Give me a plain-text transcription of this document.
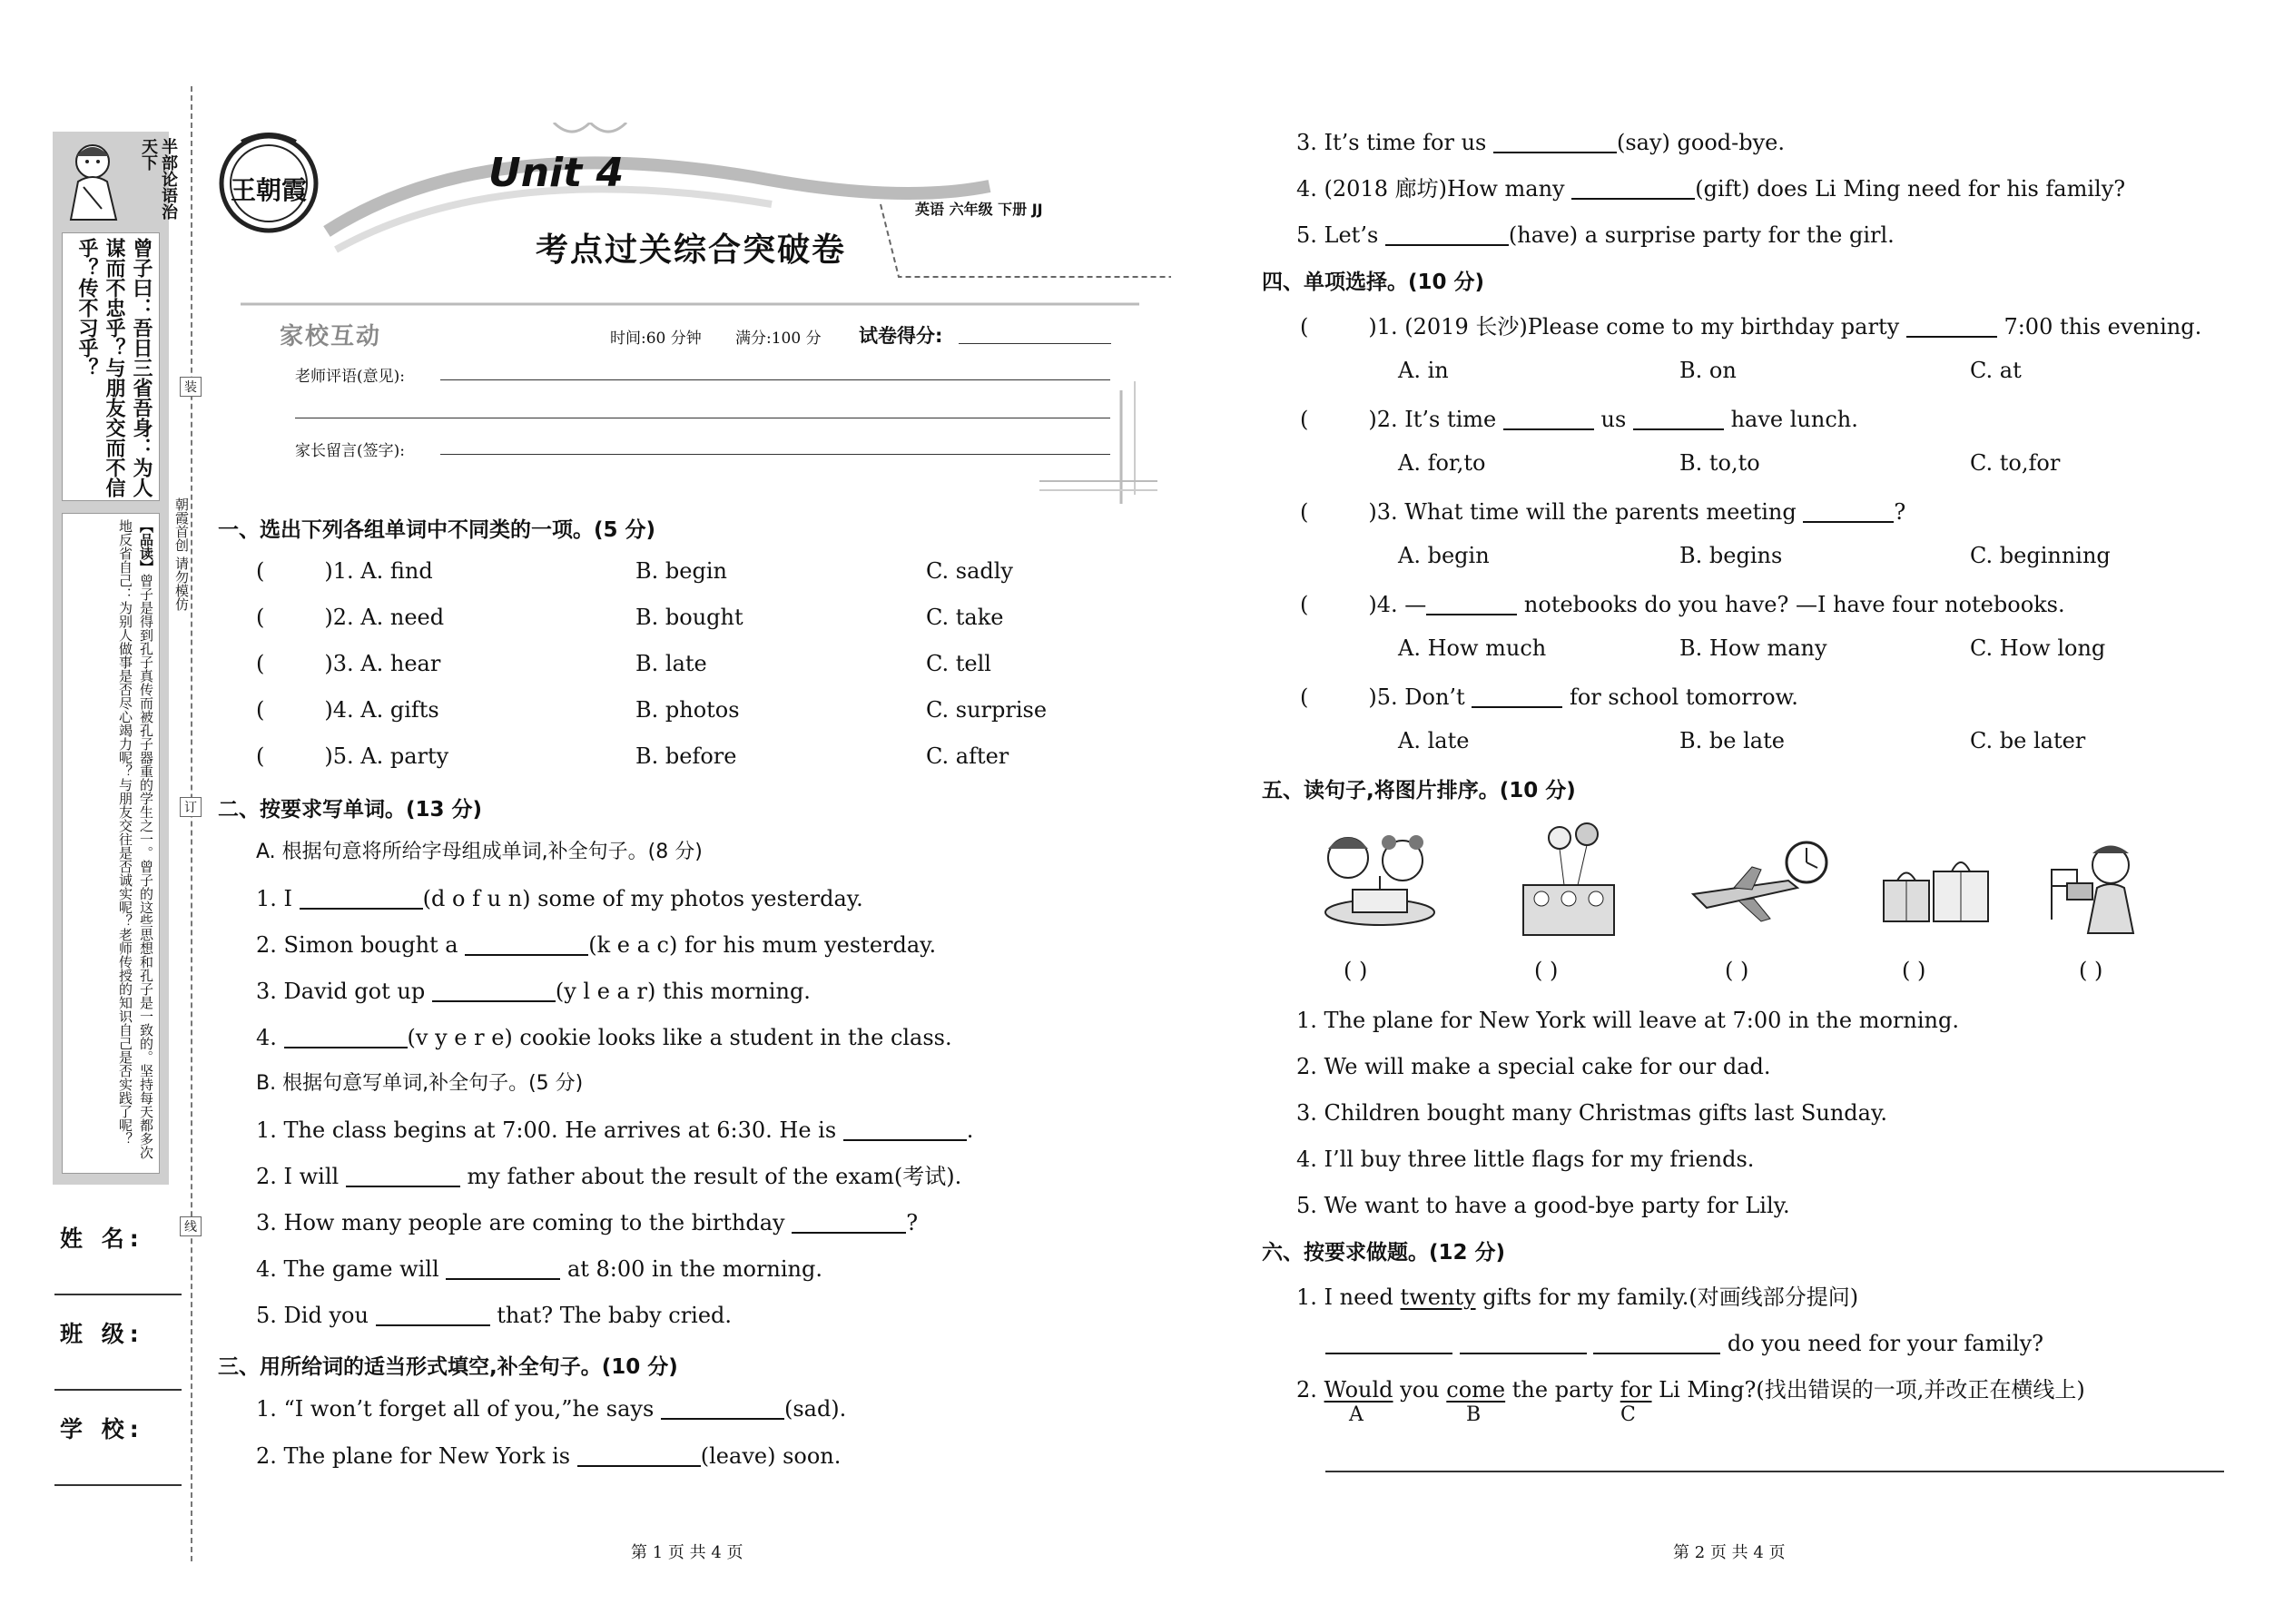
半部论语治天下
曾子曰：吾日三省吾身：为人谋而不忠乎？与朋友交而不信乎？传不习乎？
【品读】曾子是得到孔子真传而被孔子器重的学生之一。曾子的这些思想和孔子是一致的。坚持每天都多次地反省自己：为别人做事是否尽心竭力呢？与朋友交往是否诚实呢？老师传授的知识自己是否实践了呢？	朝霞首创 请勿模仿
装
订
线
姓 名:
班 级:
学 校:
王朝霞	Unit 4
考点过关综合突破卷
英语 六年级 下册 JJ
家校互动	时间:60 分钟 满分:100 分 试卷得分:
老师评语(意见):
家长留言(签字):
一、选出下列各组单词中不同类的一项。(5 分)
(	)1. A. find	B. begin	C. sadly
(	)2. A. need	B. bought	C. take
(	)3. A. hear	B. late	C. tell
(	)4. A. gifts	B. photos	C. surprise
(	)5. A. party	B. before	C. after
二、按要求写单词。(13 分)
A. 根据句意将所给字母组成单词,补全句子。(8 分)
1. I	(d o f u n) some of my photos yesterday.
2. Simon bought a	(k e a c) for his mum yesterday.
3. David got up	(y l e a r) this morning.
4.	(v y e r e) cookie looks like a student in the class.
B. 根据句意写单词,补全句子。(5 分)
1. The class begins at 7:00. He arrives at 6:30. He is	.
2. I will	my father about the result of the exam(考试).
3. How many people are coming to the birthday	?
4. The game will	at 8:00 in the morning.
5. Did you	that? The baby cried.
三、用所给词的适当形式填空,补全句子。(10 分)
1. “I won’t forget all of you,”he says	(sad).
2. The plane for New York is	(leave) soon.
第 1 页 共 4 页
3. It’s time for us	(say) good-bye.
4. (2018 廊坊)How many	(gift) does Li Ming need for his family?
5. Let’s	(have) a surprise party for the girl.
四、单项选择。(10 分)
(	)1. (2019 长沙)Please come to my birthday party	7:00 this evening.
A. in	B. on	C. at
(	)2. It’s time	us	have lunch.
A. for,to	B. to,to	C. to,for
(	)3. What time will the parents meeting	?
A. begin	B. begins	C. beginning
(	)4. —	notebooks do you have? —I have four notebooks.
A. How much	B. How many	C. How long
(	)5. Don’t	for school tomorrow.
A. late	B. be late	C. be later
五、读句子,将图片排序。(10 分)
( )	( )	( )	( )	( )
1. The plane for New York will leave at 7:00 in the morning.
2. We will make a special cake for our dad.
3. Children bought many Christmas gifts last Sunday.
4. I’ll buy three little flags for my friends.
5. We want to have a good-bye party for Lily.
六、按要求做题。(12 分)
1. I need twenty gifts for my family.(对画线部分提问)
do you need for your family?
2. Would you come the party for Li Ming?(找出错误的一项,并改正在横线上)
A	B	C
第 2 页 共 4 页
